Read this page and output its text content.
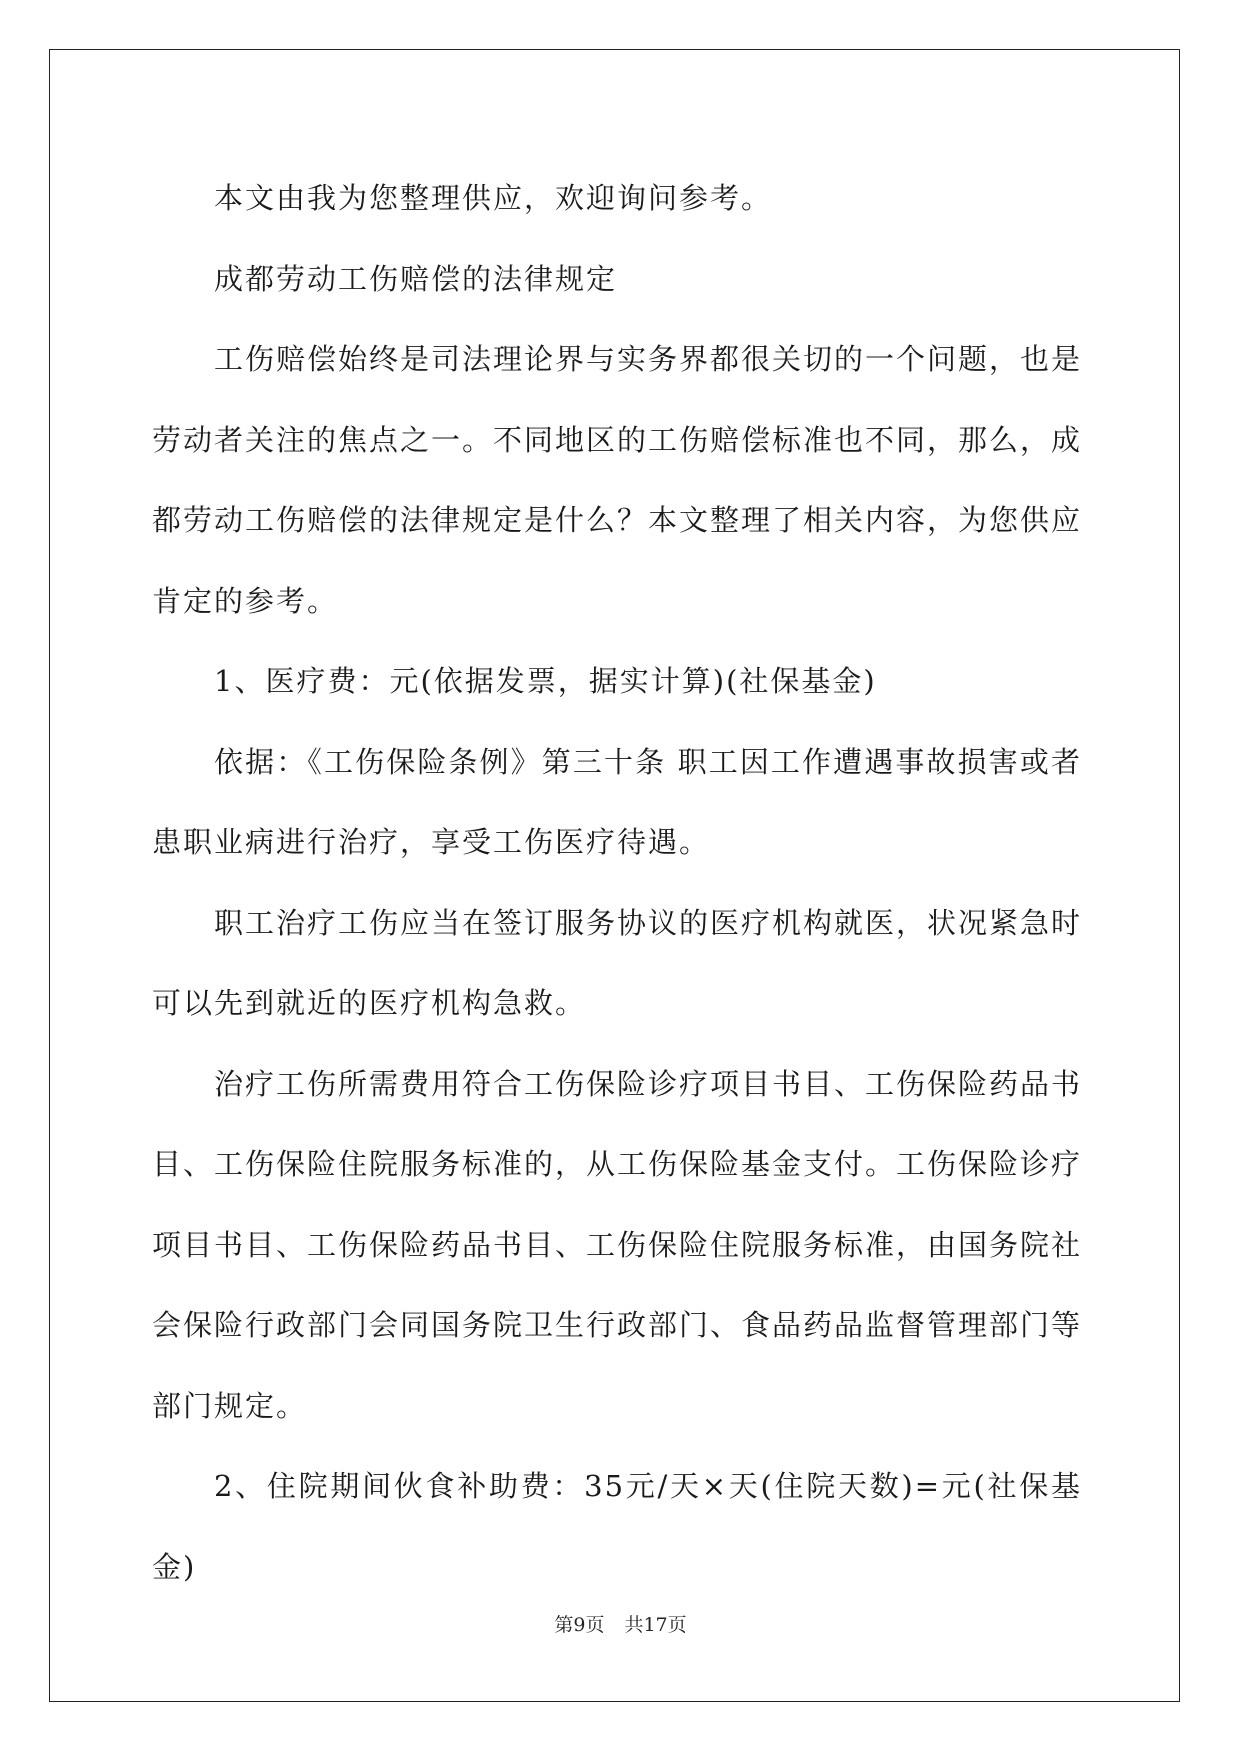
本文由我为您整理供应，欢迎询问参考。

成都劳动工伤赔偿的法律规定

工伤赔偿始终是司法理论界与实务界都很关切的一个问题，也是劳动者关注的焦点之一。不同地区的工伤赔偿标准也不同，那么，成都劳动工伤赔偿的法律规定是什么？本文整理了相关内容，为您供应肯定的参考。

1、医疗费：元(依据发票，据实计算)(社保基金)

依据：《工伤保险条例》第三十条 职工因工作遭遇事故损害或者患职业病进行治疗，享受工伤医疗待遇。

职工治疗工伤应当在签订服务协议的医疗机构就医，状况紧急时可以先到就近的医疗机构急救。

治疗工伤所需费用符合工伤保险诊疗项目书目、工伤保险药品书目、工伤保险住院服务标准的，从工伤保险基金支付。工伤保险诊疗项目书目、工伤保险药品书目、工伤保险住院服务标准，由国务院社会保险行政部门会同国务院卫生行政部门、食品药品监督管理部门等部门规定。

2、住院期间伙食补助费：35元/天×天(住院天数)=元(社保基金)

第9页 共17页
